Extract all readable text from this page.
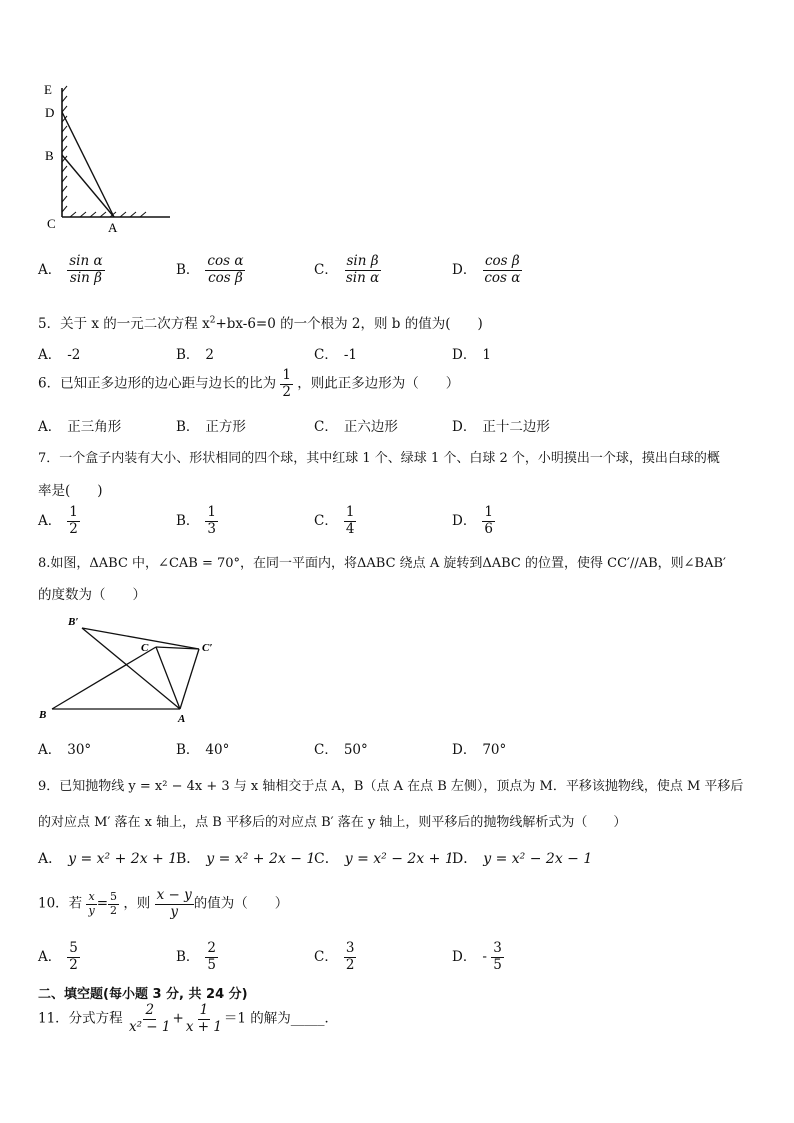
E
D
B
C	A
A． $\frac{\text{sin α}}{\text{sin β}}$	B． $\frac{\text{cos α}}{\text{cos β}}$	C． $\frac{\text{sin β}}{\text{sin α}}$	D． $\frac{\text{cos β}}{\text{cos α}}$
5．关于 x 的一元二次方程 $x^2+bx-6=0$ 的一个根为 2，则 b 的值为(　　)
A． -2	B． 2	C． -1	D． 1
6．已知正多边形的边心距与边长的比为 $\frac{1}{2}$ ，则此正多边形为（　　）
A． 正三角形	B． 正方形	C． 正六边形	D． 正十二边形
7．一个盒子内装有大小、形状相同的四个球，其中红球 1 个、绿球 1 个、白球 2 个，小明摸出一个球，摸出白球的概
率是(　　)
A． $\frac{1}{2}$	B． $\frac{1}{3}$	C． $\frac{1}{4}$	D． $\frac{1}{6}$
8.如图，ΔABC 中，∠CAB = 70°，在同一平面内，将ΔABC 绕点 A 旋转到ΔABC 的位置，使得 CC′//AB，则∠BAB′
的度数为（　　）
B′
C	C′
B	A
A． 30°	B． 40°	C． 50°	D． 70°
9．已知抛物线 y = x² − 4x + 3 与 x 轴相交于点 A，B（点 A 在点 B 左侧），顶点为 M．平移该抛物线，使点 M 平移后
的对应点 M′ 落在 x 轴上，点 B 平移后的对应点 B′ 落在 y 轴上，则平移后的抛物线解析式为（　　）
A． y = x² + 2x + 1
B． y = x² + 2x − 1
C． y = x² − 2x + 1
D． y = x² − 2x − 1
10．若 $\frac{x}{y} = \frac{5}{2}$ ，则 $\frac{x - y}{y}$ 的值为（　　）
A． $\frac{5}{2}$	B． $\frac{2}{5}$	C． $\frac{3}{2}$	D． - $\frac{3}{5}$
二、填空题(每小题 3 分, 共 24 分)
11．分式方程 $\frac{2}{\text{x² − 1}} + \frac{1}{x + 1} =1$ 的解为_____．
